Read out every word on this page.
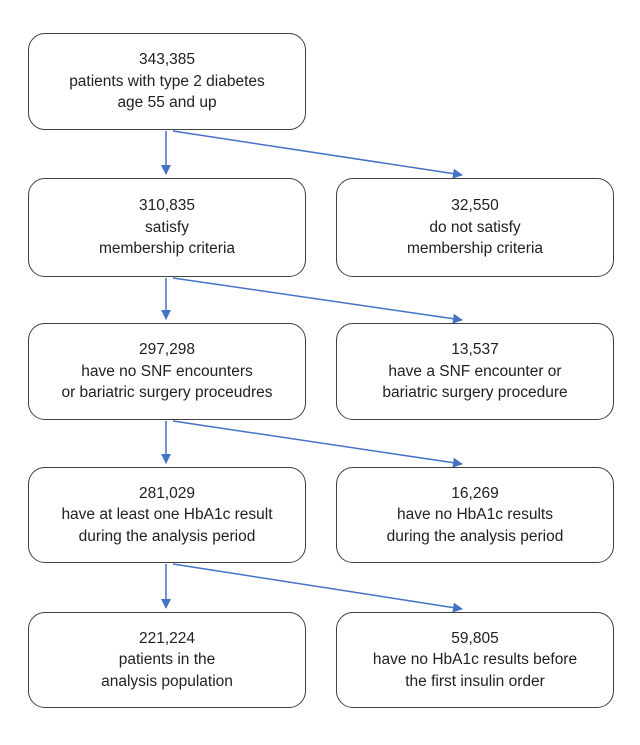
343,385
patients with type 2 diabetes
age 55 and up
310,835
satisfy
membership criteria
32,550
do not satisfy
membership criteria
297,298
have no SNF encounters
or bariatric surgery proceudres
13,537
have a SNF encounter or
bariatric surgery procedure
281,029
have at least one HbA1c result
during the analysis period
16,269
have no HbA1c results
during the analysis period
221,224
patients in the
analysis population
59,805
have no HbA1c results before
the first insulin order
